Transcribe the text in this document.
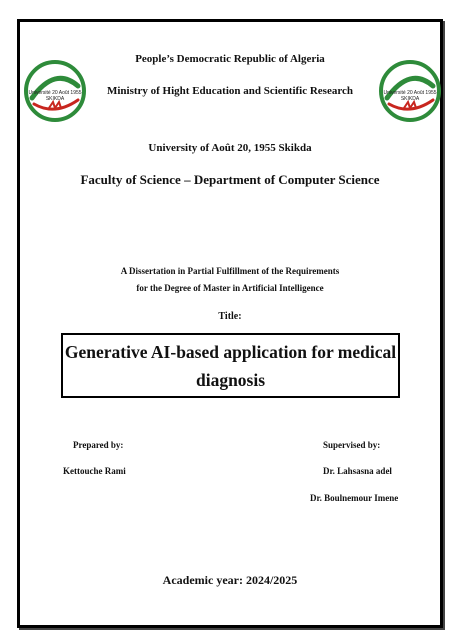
Université 20 Août 1955
SKIKDA
Université 20 Août 1955
SKIKDA
People’s Democratic Republic of Algeria
Ministry of Hight Education and Scientific Research
University of Août 20, 1955 Skikda
Faculty of Science – Department of Computer Science
A Dissertation in Partial Fulfillment of the Requirements
for the Degree of Master in Artificial Intelligence
Title:
Generative AI-based application for medical
diagnosis
Prepared by:
Kettouche Rami
Supervised by:
Dr. Lahsasna adel
Dr. Boulnemour Imene
Academic year: 2024/2025
